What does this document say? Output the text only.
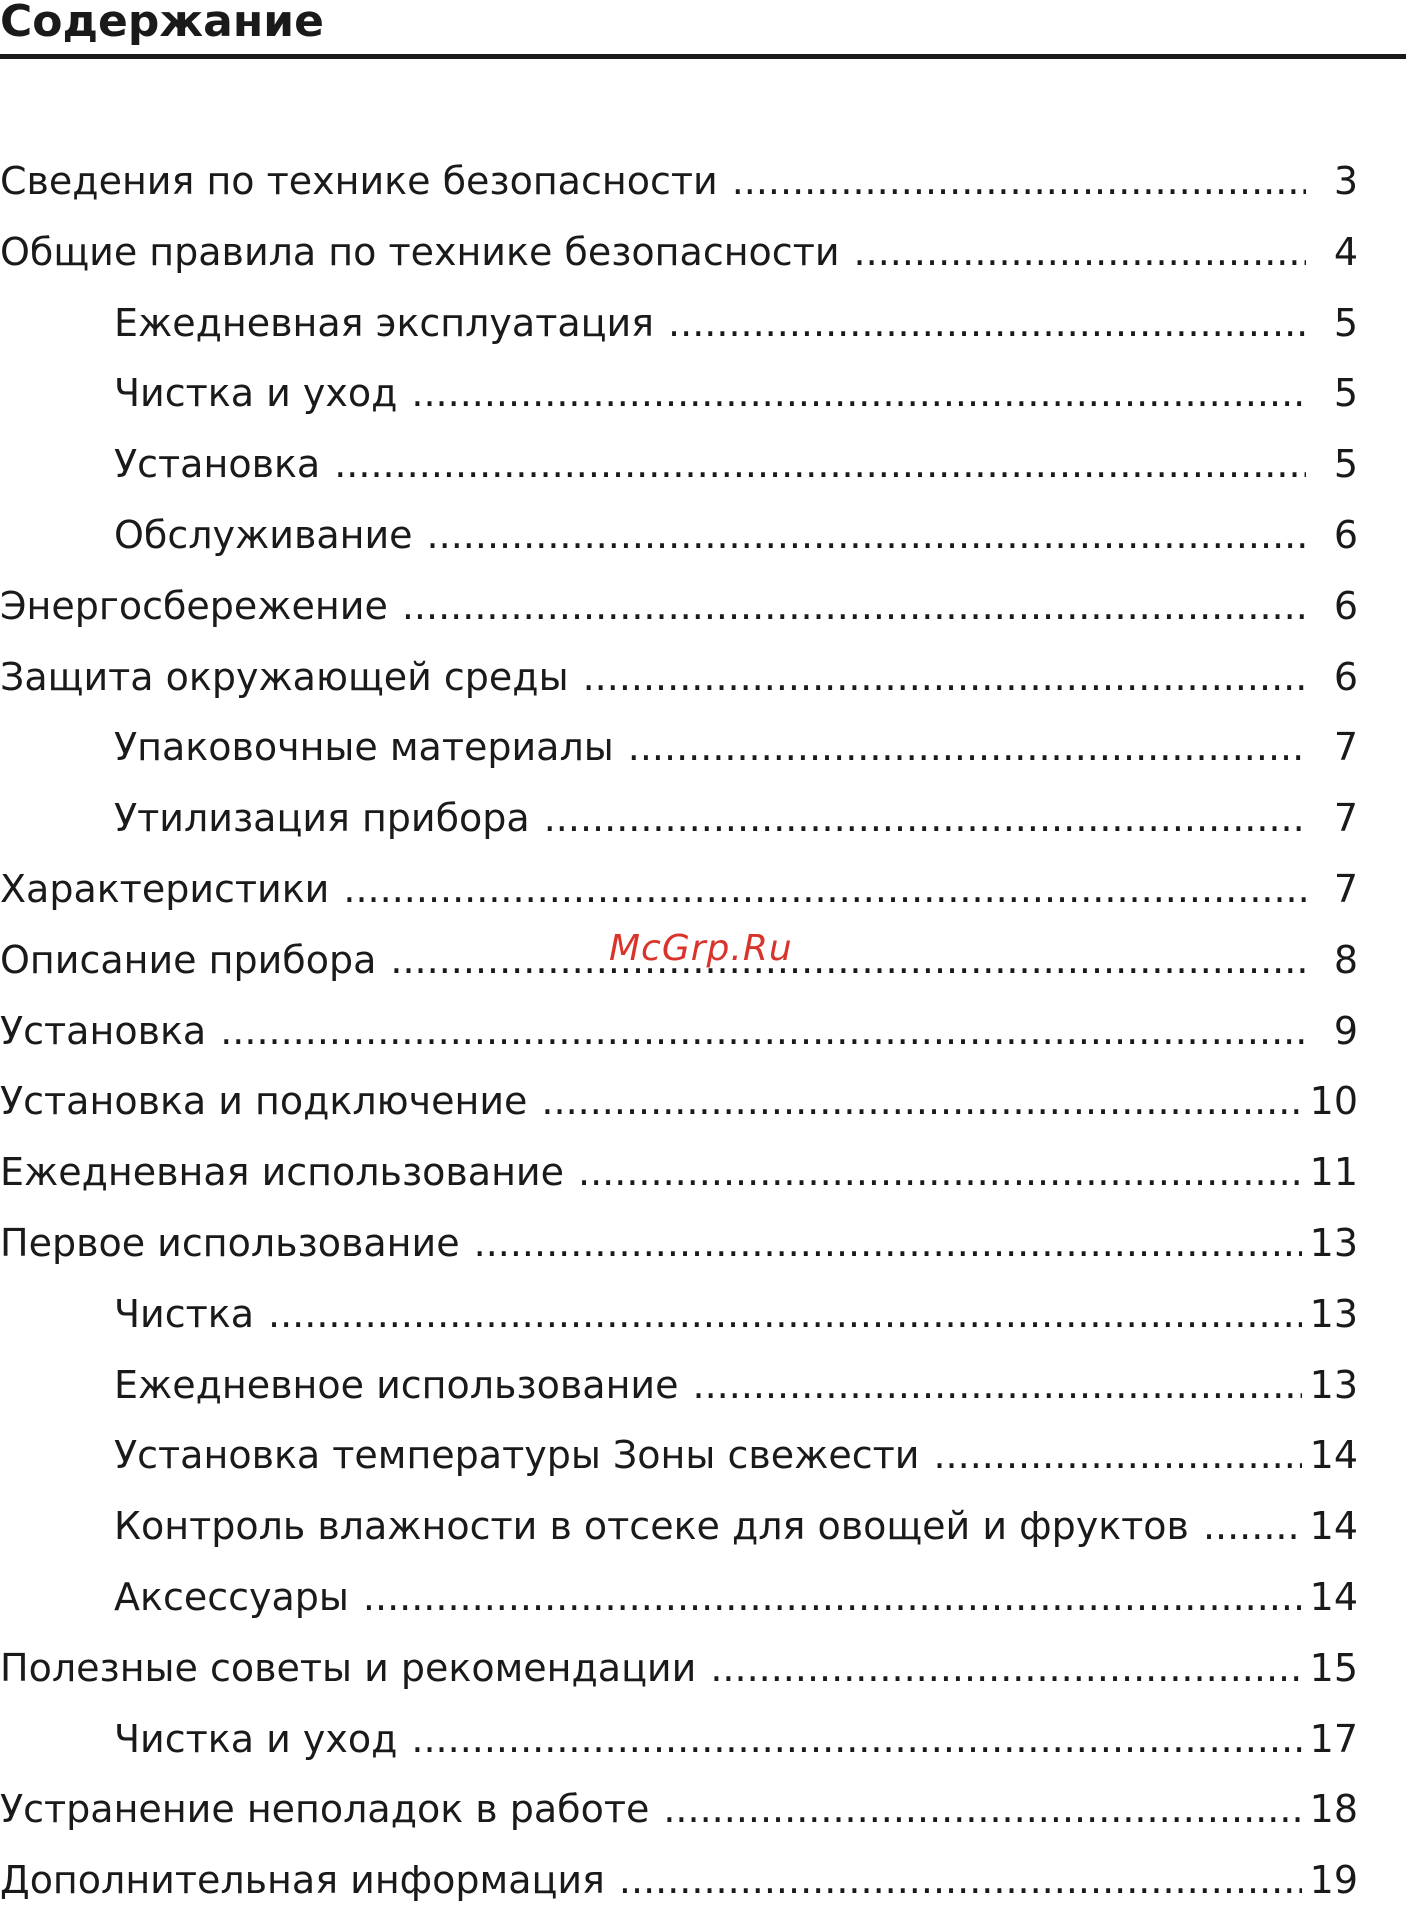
Содержание
Сведения по технике безопасности .....	3
Общие правила по технике безопасности .....	4
Ежедневная эксплуатация .....	5
Чистка и уход .....	5
Установка .....	5
Обслуживание .....	6
Энергосбережение .....	6
Защита окружающей среды .....	6
Упаковочные материалы .....	7
Утилизация прибора .....	7
Характеристики .....	7
Описание прибора .....	8
Установка .....	9
Установка и подключение .....	10
Ежедневная использование .....	11
Первое использование .....	13
Чистка .....	13
Ежедневное использование .....	13
Установка температуры Зоны свежести .....	14
Контроль влажности в отсеке для овощей и фруктов .....	14
Аксессуары .....	14
Полезные советы и рекомендации .....	15
Чистка и уход .....	17
Устранение неполадок в работе .....	18
Дополнительная информация .....	19
McGrp.Ru
